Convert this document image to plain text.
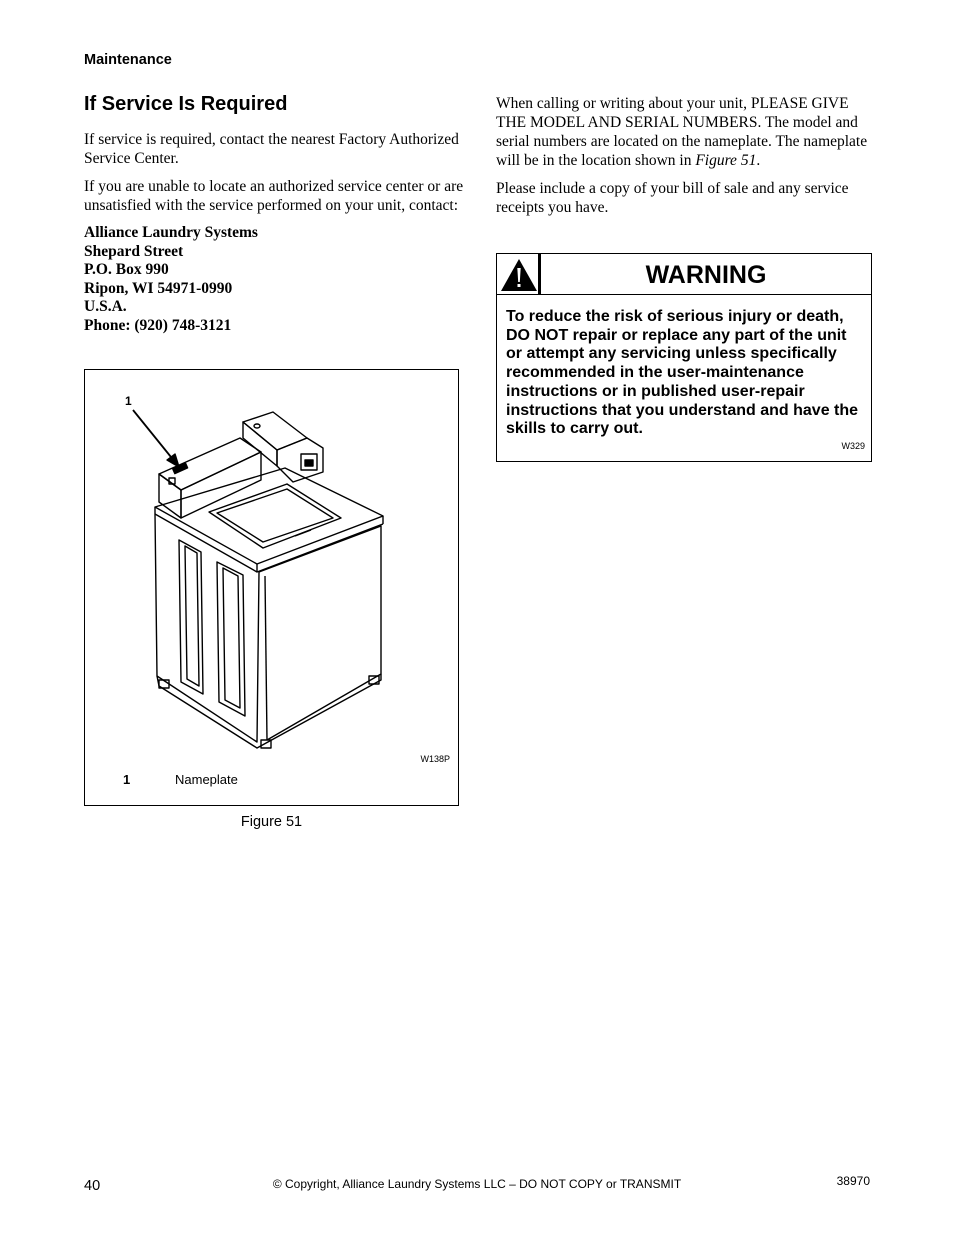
Maintenance
If Service Is Required

If service is required, contact the nearest Factory Authorized Service Center.

If you are unable to locate an authorized service center or are unsatisfied with the service performed on your unit, contact:

Alliance Laundry Systems
Shepard Street
P.O. Box 990
Ripon, WI 54971-0990
U.S.A.
Phone: (920) 748-3121
1
W138P
1	Nameplate
Figure 51

When calling or writing about your unit, PLEASE GIVE THE MODEL AND SERIAL NUMBERS. The model and serial numbers are located on the nameplate. The nameplate will be in the location shown in Figure 51.

Please include a copy of your bill of sale and any service receipts you have.

WARNING
To reduce the risk of serious injury or death, DO NOT repair or replace any part of the unit or attempt any servicing unless specifically recommended in the user-maintenance instructions or in published user-repair instructions that you understand and have the skills to carry out.
W329
40	© Copyright, Alliance Laundry Systems LLC – DO NOT COPY or TRANSMIT	38970
